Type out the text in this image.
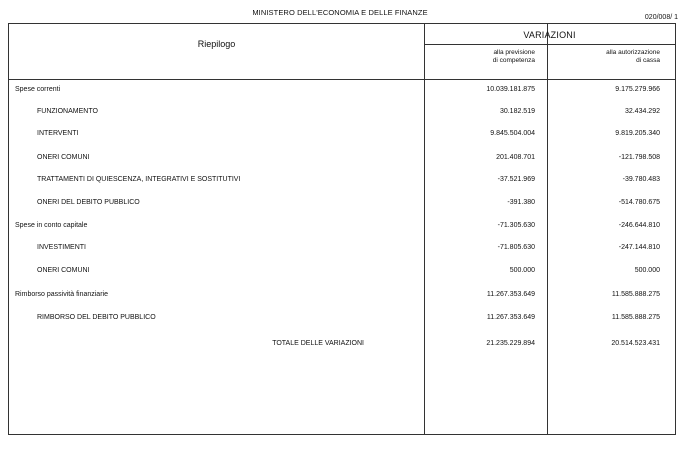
MINISTERO DELL'ECONOMIA E DELLE FINANZE
020/008/ 1
Riepilogo
VARIAZIONI
alla previsione
di competenza
alla autorizzazione
di cassa
Spese correnti	10.039.181.875	9.175.279.966
FUNZIONAMENTO	30.182.519	32.434.292
INTERVENTI	9.845.504.004	9.819.205.340
ONERI COMUNI	201.408.701	-121.798.508
TRATTAMENTI DI QUIESCENZA, INTEGRATIVI E SOSTITUTIVI	-37.521.969	-39.780.483
ONERI DEL DEBITO PUBBLICO	-391.380	-514.780.675
Spese in conto capitale	-71.305.630	-246.644.810
INVESTIMENTI	-71.805.630	-247.144.810
ONERI COMUNI	500.000	500.000
Rimborso passività finanziarie	11.267.353.649	11.585.888.275
RIMBORSO DEL DEBITO PUBBLICO	11.267.353.649	11.585.888.275
TOTALE DELLE VARIAZIONI	21.235.229.894	20.514.523.431
